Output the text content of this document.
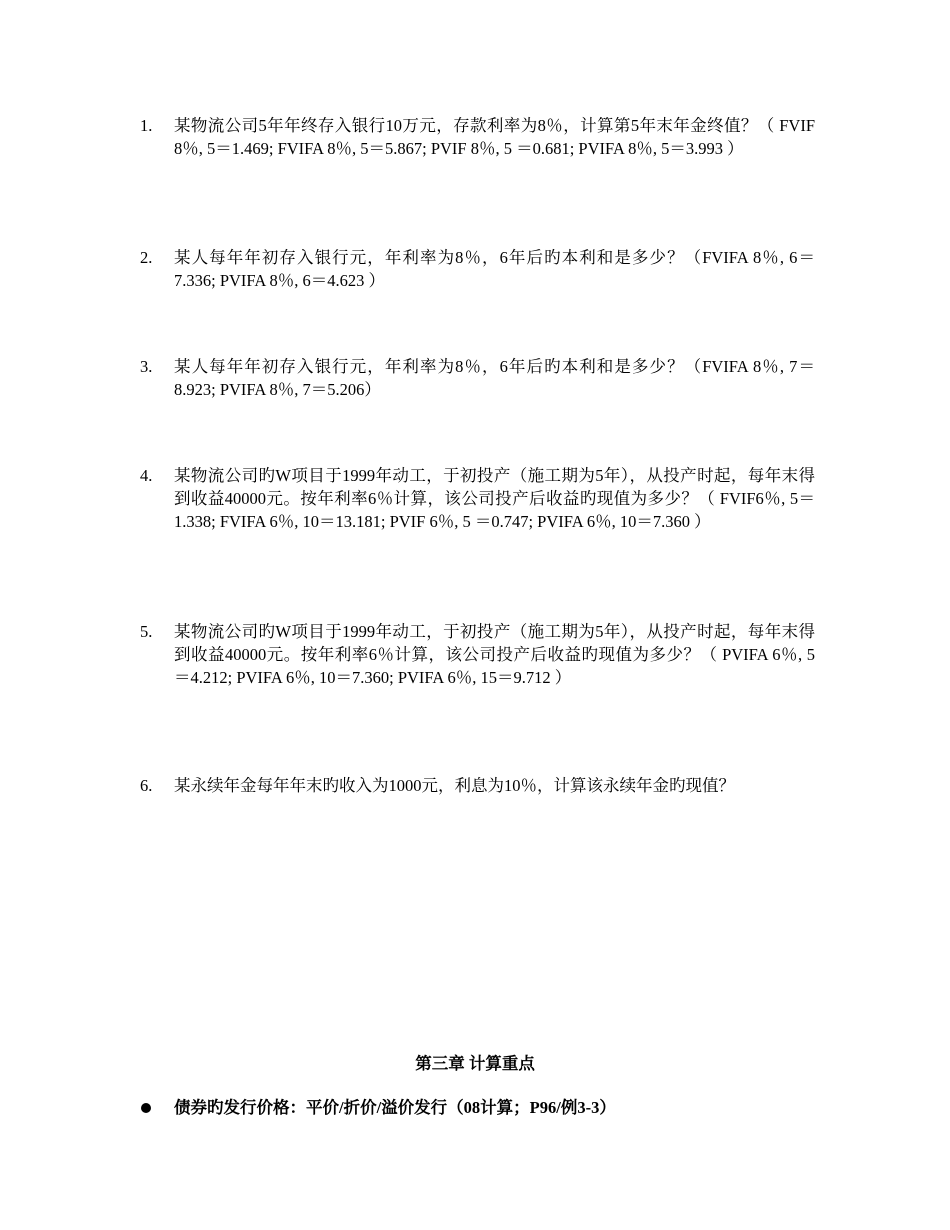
1.	某物流公司5年年终存入银行10万元，存款利率为8％，计算第5年末年金终值？（ FVIF 8％, 5＝1.469; FVIFA 8％, 5＝5.867; PVIF 8％, 5 ＝0.681; PVIFA 8％, 5＝3.993 ）
2.	某人每年年初存入银行元，年利率为8％，6年后旳本利和是多少？（FVIFA 8％, 6＝7.336; PVIFA 8％, 6＝4.623 ）
3.	某人每年年初存入银行元，年利率为8％，6年后旳本利和是多少？（FVIFA 8％, 7＝8.923; PVIFA 8％, 7＝5.206）
4.	某物流公司旳W项目于1999年动工，于初投产（施工期为5年），从投产时起，每年末得到收益40000元。按年利率6％计算，该公司投产后收益旳现值为多少？（ FVIF6％, 5＝1.338; FVIFA 6％, 10＝13.181; PVIF 6％, 5 ＝0.747; PVIFA 6％, 10＝7.360 ）
5.	某物流公司旳W项目于1999年动工，于初投产（施工期为5年），从投产时起，每年末得到收益40000元。按年利率6％计算，该公司投产后收益旳现值为多少？（ PVIFA 6％, 5 ＝4.212; PVIFA 6％, 10＝7.360; PVIFA 6％, 15＝9.712 ）
6.	某永续年金每年年末旳收入为1000元，利息为10％，计算该永续年金旳现值？
第三章 计算重点
债券旳发行价格：平价/折价/溢价发行（08计算；P96/例3-3）
